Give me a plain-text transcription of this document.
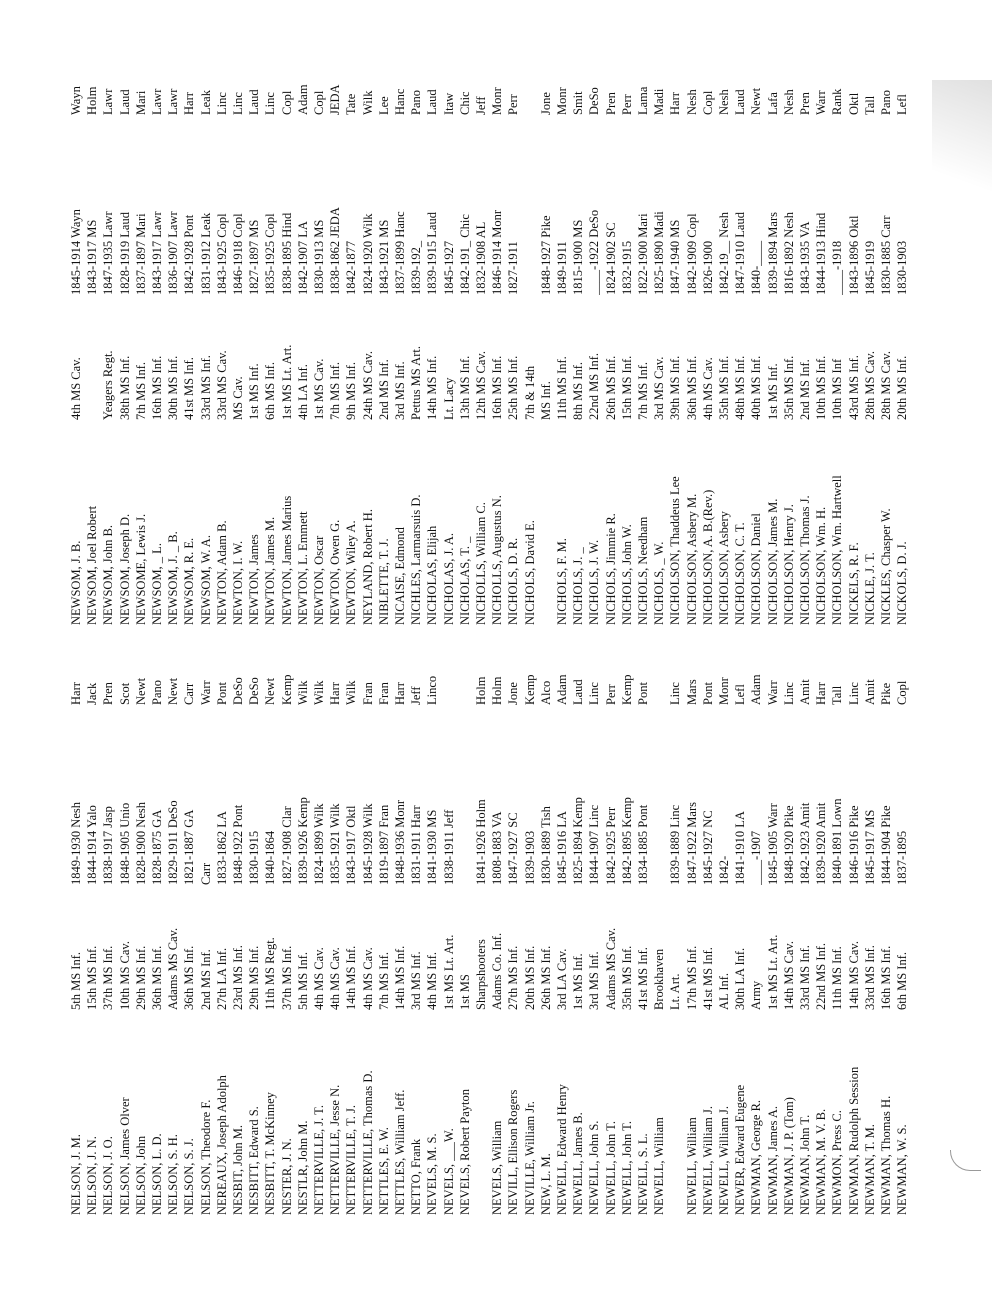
NELSON, J. M.
5th MS Inf.
1849-1930 Nesh
Harr
NELSON, J. N.
15th MS Inf.
1844-1914 Yalo
Jack
NELSON, J. O.
37th MS Inf.
1838-1917 Jasp
Pren
NELSON, James Olver
10th MS Cav.
1848-1905 Unio
Scot
NELSON, John
29th MS Inf.
1828-1900 Nesh
Newt
NELSON, L. D.
36th MS Inf.
1828-1875 GA
Pano
NELSON, S. H.
Adams MS Cav.
1829-1911 DeSo
Newt
NELSON, S. J.
36th MS Inf.
1821-1887 GA
Carr
NELSON, Theodore F.
2nd MS Inf.
Carr
Warr
NEREAUX, Joseph Adolph
27th LA Inf.
1833-1862 LA
Pont
NESBIT, John M.
23rd MS Inf.
1848-1922 Pont
DeSo
NESBITT, Edward S.
29th MS Inf.
1830-1915
DeSo
NESBITT, T. McKinney
11th MS Regt.
1840-1864
Newt
NESTER, J. N.
37th MS Inf.
1827-1908 Clar
Kemp
NESTLR, John M.
5th MS Inf.
1839-1926 Kemp
Wilk
NETTERVILLE, J. T.
4th MS Cav.
1824-1899 Wilk
Wilk
NETTERVILLE, Jesse N.
4th MS Cav.
1835-1921 Wilk
Harr
NETTERVILLE, T. J.
14th MS Inf.
1843-1917 Oktl
Wilk
NETTERVILLE, Thomas D.
4th MS Cav.
1845-1928 Wilk
Fran
NETTLES, E. W.
7th MS Inf.
1819-1897 Fran
Fran
NETTLES, William Jeff.
14th MS Inf.
1848-1936 Monr
Harr
NETTO, Frank
3rd MS Inf.
1831-1911 Harr
Jeff
NEVELS, M. S.
4th MS Inf.
1841-1930 MS
Linco
NEVELS, ___W.
1st MS Lt. Art.
1838-1911 Jeff
NEVELS, Robert Payton
1st MS Sharpshooters
1841-1926 Holm
Holm
NEVELS, William
Adams Co. Inf.
1808-1883 VA
Holm
NEVILL, Ellison Rogers
27th MS Inf.
1847-1927 SC
Jone
NEVILLE, William Jr.
20th MS Inf.
1839-1903
Kemp
NEW, L. M.
26th MS Inf.
1830-1889 Tish
Alco
NEWELL, Edward Henry
3rd LA Cav.
1845-1916 LA
Adam
NEWELL, James B.
1st MS Inf.
1825-1894 Kemp
Laud
NEWELL, John S.
3rd MS Inf.
1844-1907 Linc
Linc
NEWELL, John T.
Adams MS Cav.
1842-1925 Perr
Perr
NEWELL, John T.
35th MS Inf.
1842-1895 Kemp
Kemp
NEWELL, S. L.
41st MS Inf.
1834-1885 Pont
Pont
NEWELL, William
Brookhaven Lt. Art.
1839-1889 Linc
Linc
NEWELL, William
17th MS Inf.
1847-1922 Mars
Mars
NEWELL, William J.
41st MS Inf.
1845-1927 NC
Pont
NEWELL, William J.
AL Inf.
1842-
Monr
NEWER, Edward Eugene
30th LA Inf.
1841-1910 LA
Lefl
NEWMAN, George R.
Army
____-1907
Adam
NEWMAN, James A.
1st MS Lt. Art.
1845-1905 Warr
Warr
NEWMAN, J. P. (Tom)
14th MS Cav.
1848-1920 Pike
Linc
NEWMAN, John T.
33rd MS Inf.
1842-1923 Amit
Amit
NEWMAN, M. V. B.
22nd MS Inf.
1839-1920 Amit
Harr
NEWMON, Press C.
11th MS Inf.
1840-1891 Lown
Tall
NEWMAN, Rudolph Session
14th MS Cav.
1846-1916 Pike
Linc
NEWMAN, T. M.
33rd MS Inf.
1845-1917 MS
Amit
NEWMAN, Thomas H.
16th MS Inf.
1844-1904 Pike
Pike
NEWMAN, W. S.
6th MS Inf.
1837-1895
Copl
NEWSOM, J. B.
4th MS Cav.
1845-1914 Wayn
Wayn
NEWSOM, Joel Robert
1843-1917 MS
Holm
NEWSOM, John B.
Yeagers Regt.
1847-1935 Lawr
Lawr
NEWSOM, Joseph D.
38th MS Inf.
1828-1919 Laud
Laud
NEWSOME, Lewis J.
7th MS Inf.
1837-1897 Mari
Mari
NEWSOM, _ L.
16th MS Inf.
1843-1917 Lawr
Lawr
NEWSOM, J. _ B.
30th MS Inf.
1836-1907 Lawr
Lawr
NEWSOM, R. E.
41st MS Inf.
1842-1928 Pont
Harr
NEWSOM, W. A.
33rd MS Inf.
1831-1912 Leak
Leak
NEWTON, Adam B.
33rd MS Cav.
1843-1925 Copl
Linc
NEWTON, I. W.
MS Cav.
1846-1918 Copl
Linc
NEWTON, James
1st MS Inf.
1827-1897 MS
Laud
NEWTON, James M.
6th MS Inf.
1835-1925 Copl
Linc
NEWTON, James Marius
1st MS Lt. Art.
1838-1895 Hind
Copl
NEWTON, L. Emmett
4th LA Inf.
1842-1907 LA
Adam
NEWTON, Oscar
1st MS Cav.
1830-1913 MS
Copl
NEWTON, Owen G.
7th MS Inf.
1838-1862 JEDA
JEDA
NEWTON, Wiley A.
9th MS Inf.
1842-1877
Tate
NEYLAND, Robert H.
24th MS Cav.
1824-1920 Wilk
Wilk
NIBLETTE, T. J.
2nd MS Inf.
1843-1921 MS
Lee
NICAISE, Edmond
3rd MS Inf.
1837-1899 Hanc
Hanc
NICHLES, Larmarsuis D.
Pettus MS Art.
1839-192_
Pano
NICHOLAS, Elijah
14th MS Inf.
1839-1915 Laud
Laud
NICHOLAS, J. A.
Lt. Lacy
1845-1927
Itaw
NICHOLAS, T. _
13th MS Inf.
1842-191_ Chic
Chic
NICHOLLS, William C.
12th MS Cav.
1832-1908 AL
Jeff
NICHOLLS, Augustus N.
16th MS Inf.
1846-1914 Monr
Monr
NICHOLS, D. R.
25th MS Inf.
1827-1911
Perr
NICHOLS, David E.
7th & 14th MS Inf.
1848-1927 Pike
Jone
NICHOLS, F. M.
11th MS Inf.
1849-1911
Monr
NICHOLS, J. _
8th MS Inf.
1815-1900 MS
Smit
NICHOLS, J. W.
22nd MS Inf.
____-1922 DeSo
DeSo
NICHOLS, Jimmie R.
26th MS Inf.
1824-1902 SC
Pren
NICHOLS, John W.
15th MS Inf.
1832-1915
Perr
NICHOLS, Needham
7th MS Inf.
1822-1900 Mari
Lama
NICHOLS, _ W.
3rd MS Cav.
1825-1890 Madi
Madi
NICHOLSON, Thaddeus Lee
39th MS Inf.
1847-1940 MS
Harr
NICHOLSON, Asbery M.
36th MS Inf.
1842-1909 Copl
Nesh
NICHOLSON, A. B.(Rev.)
4th MS Cav.
1826-1900
Copl
NICHOLSON, Asbery
35th MS Inf.
1842-19__ Nesh
Nesh
NICHOLSON, C. T.
48th MS Inf.
1847-1910 Laud
Laud
NICHOLSON, Daniel
40th MS Inf.
1840-____
Newt
NICHOLSON, James M.
1st MS Inf.
1839-1894 Mars
Lafa
NICHOLSON, Henry J.
35th MS Inf.
1816-1892 Nesh
Nesh
NICHOLSON, Thomas J.
2nd MS Inf.
1843-1935 VA
Pren
NICHOLSON, Wm. H.
10th MS Inf.
1844-1913 Hind
Warr
NICHOLSON, Wm. Hartwell
10th MS Inf
____-1918
Rank
NICKELS, R. F.
43rd MS Inf.
1843-1896 Oktl
Oktl
NICKLE, J. T.
28th MS Cav.
1845-1919
Tall
NICKLES, Chasper W.
28th MS Cav.
1830-1885 Carr
Pano
NICKOLS, D. J.
20th MS Inf.
1830-1903
Lefl
